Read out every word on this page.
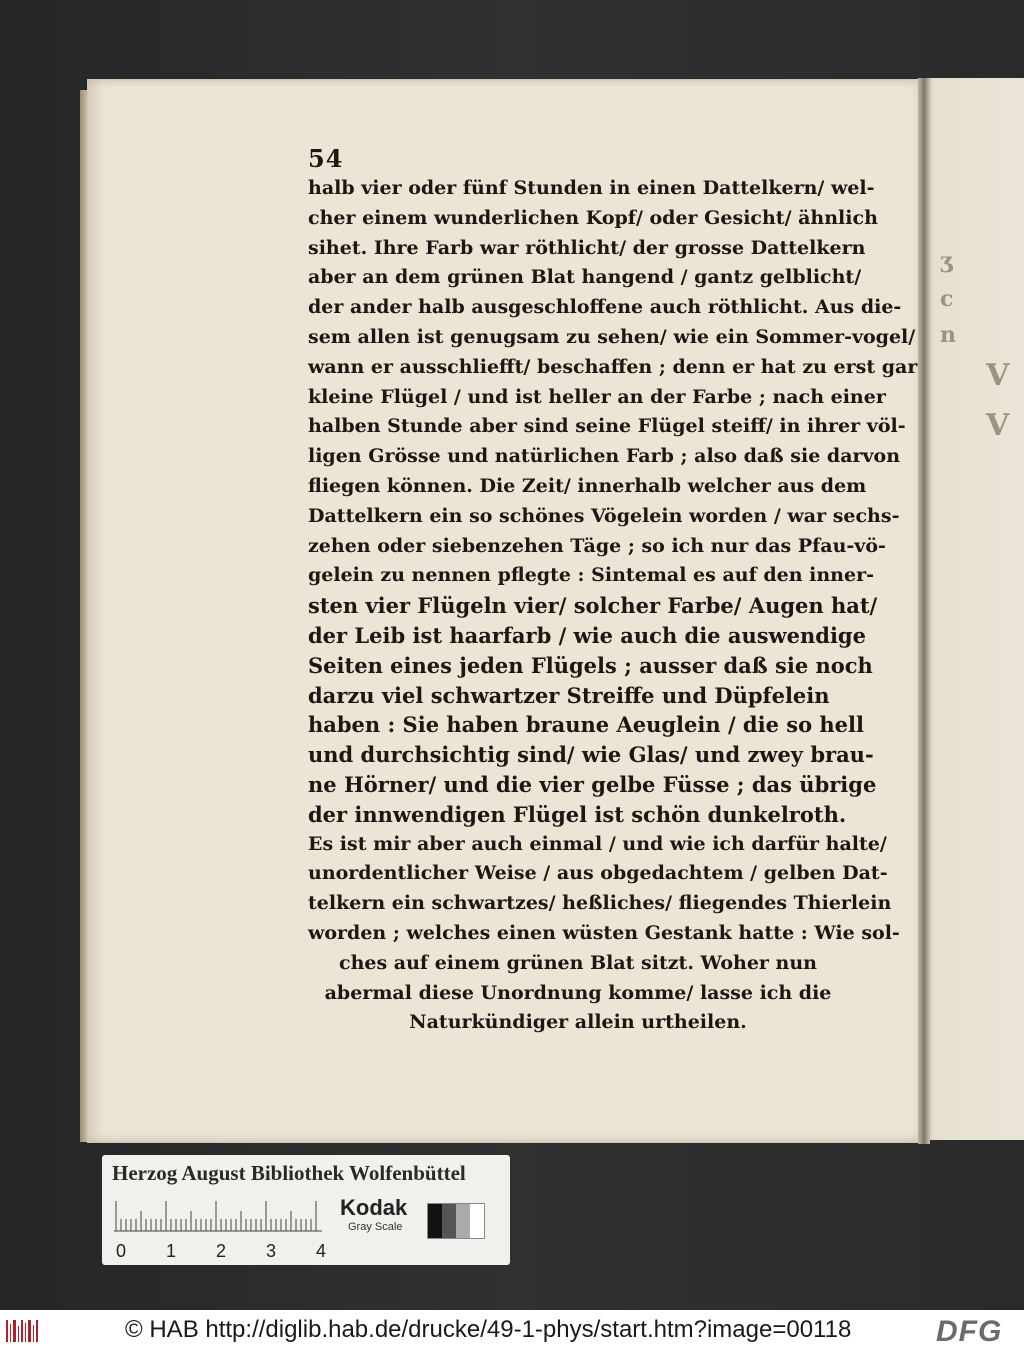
ʒ
c
n
V
V
54
halb vier oder fünf Stunden in einen Dattelkern/ wel-
cher einem wunderlichen Kopf/ oder Gesicht/ ähnlich
sihet. Ihre Farb war röthlicht/ der grosse Dattelkern
aber an dem grünen Blat hangend / gantz gelblicht/
der ander halb ausgeschloffene auch röthlicht. Aus die-
sem allen ist genugsam zu sehen/ wie ein Sommer-vogel/
wann er ausschliefft/ beschaffen ; denn er hat zu erst gar
kleine Flügel / und ist heller an der Farbe ; nach einer
halben Stunde aber sind seine Flügel steiff/ in ihrer völ-
ligen Grösse und natürlichen Farb ; also daß sie darvon
fliegen können. Die Zeit/ innerhalb welcher aus dem
Dattelkern ein so schönes Vögelein worden / war sechs-
zehen oder siebenzehen Täge ; so ich nur das Pfau-vö-
gelein zu nennen pflegte : Sintemal es auf den inner-
sten vier Flügeln vier/ solcher Farbe/ Augen hat/
der Leib ist haarfarb / wie auch die auswendige
Seiten eines jeden Flügels ; ausser daß sie noch
darzu viel schwartzer Streiffe und Düpfelein
haben : Sie haben braune Aeuglein / die so hell
und durchsichtig sind/ wie Glas/ und zwey brau-
ne Hörner/ und die vier gelbe Füsse ; das übrige
der innwendigen Flügel ist schön dunkelroth.
Es ist mir aber auch einmal / und wie ich darfür halte/
unordentlicher Weise / aus obgedachtem / gelben Dat-
telkern ein schwartzes/ heßliches/ fliegendes Thierlein
worden ; welches einen wüsten Gestank hatte : Wie sol-
ches auf einem grünen Blat sitzt. Woher nun
abermal diese Unordnung komme/ lasse ich die
Naturkündiger allein urtheilen.
Herzog August Bibliothek Wolfenbüttel
0 1 2 3 4
Kodak
Gray Scale
© HAB http://diglib.hab.de/drucke/49-1-phys/start.htm?image=00118	DFG
